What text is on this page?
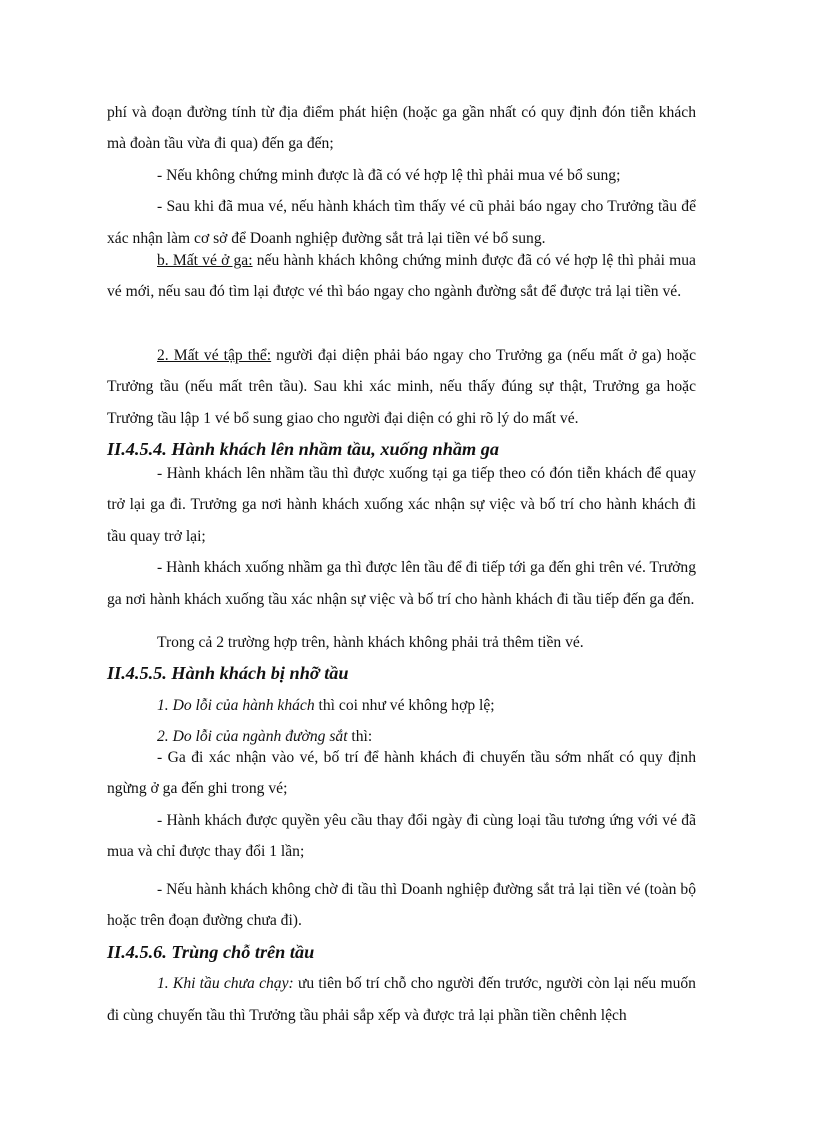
phí và đoạn đường tính từ địa điểm phát hiện (hoặc ga gần nhất có quy định đón tiễn khách mà đoàn tầu vừa đi qua) đến ga đến;

- Nếu không chứng minh được là đã có vé hợp lệ thì phải mua vé bổ sung;

- Sau khi đã mua vé, nếu hành khách tìm thấy vé cũ phải báo ngay cho Trưởng tầu để xác nhận làm cơ sở để Doanh nghiệp đường sắt trả lại tiền vé bổ sung.

b. Mất vé ở ga: nếu hành khách không chứng minh được đã có vé hợp lệ thì phải mua vé mới, nếu sau đó tìm lại được vé thì báo ngay cho ngành đường sắt để được trả lại tiền vé.

2. Mất vé tập thể: người đại diện phải báo ngay cho Trưởng ga (nếu mất ở ga) hoặc Trưởng tầu (nếu mất trên tầu). Sau khi xác minh, nếu thấy đúng sự thật, Trưởng ga hoặc Trưởng tầu lập 1 vé bổ sung giao cho người đại diện có ghi rõ lý do mất vé.

II.4.5.4. Hành khách lên nhầm tầu, xuống nhầm ga

- Hành khách lên nhầm tầu thì được xuống tại ga tiếp theo có đón tiễn khách để quay trở lại ga đi. Trưởng ga nơi hành khách xuống xác nhận sự việc và bố trí cho hành khách đi tầu quay trở lại;

- Hành khách xuống nhầm ga thì được lên tầu để đi tiếp tới ga đến ghi trên vé. Trưởng ga nơi hành khách xuống tầu xác nhận sự việc và bố trí cho hành khách đi tầu tiếp đến ga đến.

Trong cả 2 trường hợp trên, hành khách không phải trả thêm tiền vé.

II.4.5.5. Hành khách bị nhỡ tầu

1. Do lỗi của hành khách thì coi như vé không hợp lệ;

2. Do lỗi của ngành đường sắt thì:

- Ga đi xác nhận vào vé, bố trí để hành khách đi chuyến tầu sớm nhất có quy định ngừng ở ga đến ghi trong vé;

- Hành khách được quyền yêu cầu thay đổi ngày đi cùng loại tầu tương ứng với vé đã mua và chỉ được thay đổi 1 lần;

- Nếu hành khách không chờ đi tầu thì Doanh nghiệp đường sắt trả lại tiền vé (toàn bộ hoặc trên đoạn đường chưa đi).

II.4.5.6. Trùng chỗ trên tầu

1. Khi tầu chưa chạy: ưu tiên bố trí chỗ cho người đến trước, người còn lại nếu muốn đi cùng chuyến tầu thì Trưởng tầu phải sắp xếp và được trả lại phần tiền chênh lệch
